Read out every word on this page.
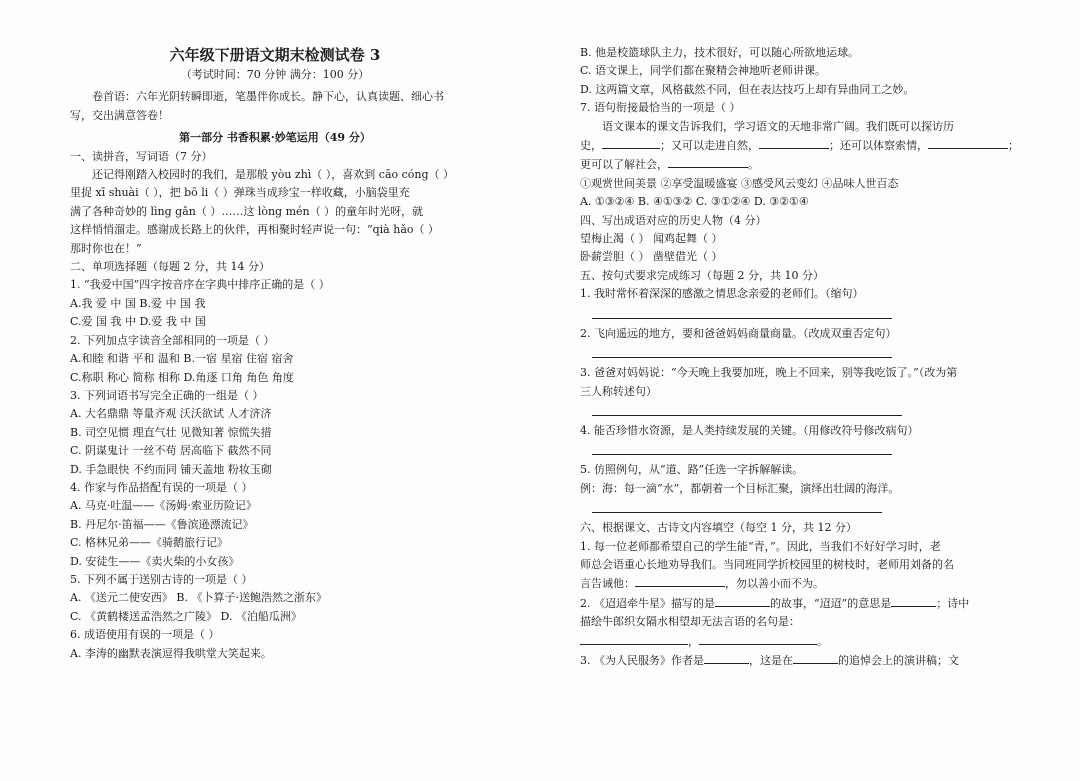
六年级下册语文期末检测试卷 3
（考试时间：70 分钟 满分：100 分）
卷首语：六年光阴转瞬即逝，笔墨伴你成长。静下心，认真读题、细心书
写，交出满意答卷！
第一部分 书香积累·妙笔运用（49 分）
一、读拼音，写词语（7 分）
还记得刚踏入校园时的我们，是那般 yòu zhì（ ），喜欢到 cāo cóng（ ）
里捉 xī shuài（ ），把 bō li（ ）弹珠当成珍宝一样收藏，小脑袋里充
满了各种奇妙的 lìng gǎn（ ）……这 lòng mén（ ）的童年时光呀，就
这样悄悄溜走。感谢成长路上的伙伴，再相聚时轻声说一句：“qià hǎo（ ）
那时你也在！”
二、单项选择题（每题 2 分，共 14 分）
1. “我爱中国”四字按音序在字典中排序正确的是（ ）
A.我 爱 中 国 B.爱 中 国 我
C.爱 国 我 中 D.爱 我 中 国
2. 下列加点字读音全部相同的一项是（ ）
A.和睦 和谐 平和 温和 B.一宿 星宿 住宿 宿舍
C.称职 称心 简称 相称 D.角逐 口角 角色 角度
3. 下列词语书写完全正确的一组是（ ）
A. 大名鼎鼎 等量齐观 沃沃欲试 人才济济
B. 司空见惯 理直气壮 见微知著 惊慌失措
C. 阴谋鬼计 一丝不苟 居高临下 截然不同
D. 手急眼快 不约而同 铺天盖地 粉妆玉砌
4. 作家与作品搭配有误的一项是（ ）
A. 马克·吐温——《汤姆·索亚历险记》
B. 丹尼尔·笛福——《鲁滨逊漂流记》
C. 格林兄弟——《骑鹅旅行记》
D. 安徒生——《卖火柴的小女孩》
5. 下列不属于送别古诗的一项是（ ）
A. 《送元二使安西》 B. 《卜算子·送鲍浩然之浙东》
C. 《黄鹤楼送孟浩然之广陵》 D. 《泊船瓜洲》
6. 成语使用有误的一项是（ ）
A. 李涛的幽默表演逗得我哄堂大笑起来。
B. 他是校篮球队主力，技术很好，可以随心所欲地运球。
C. 语文课上，同学们都在聚精会神地听老师讲课。
D. 这两篇文章，风格截然不同，但在表达技巧上却有异曲同工之妙。
7. 语句衔接最恰当的一项是（ ）
语文课本的课文告诉我们，学习语文的天地非常广阔。我们既可以探访历
史，	；又可以走进自然，	；还可以体察索情，	；
更可以了解社会，	。
①观赏世间美景 ②享受温暖盛宴 ③感受风云变幻 ④品味人世百态
A. ①③②④ B. ④①③② C. ③①②④ D. ③②①④
四、写出成语对应的历史人物（4 分）
望梅止渴（ ） 闻鸡起舞（ ）
卧薪尝胆（ ） 凿壁借光（ ）
五、按句式要求完成练习（每题 2 分，共 10 分）
1. 我时常怀着深深的感激之情思念亲爱的老师们。（缩句）
2. 飞向遥远的地方，要和爸爸妈妈商量商量。（改成双重否定句）
3. 爸爸对妈妈说：“今天晚上我要加班，晚上不回来，别等我吃饭了。”（改为第
三人称转述句）
4. 能否珍惜水资源，是人类持续发展的关键。（用修改符号修改病句）
5. 仿照例句，从“道、路”任选一字拆解解读。
例：海：每一滴“水”，都朝着一个目标汇聚，演绎出壮阔的海洋。
六、根据课文、古诗文内容填空（每空 1 分，共 12 分）
1. 每一位老师都希望自己的学生能“青，”。因此，当我们不好好学习时，老
师总会语重心长地劝导我们。当同班同学折校园里的树枝时，老师用刘备的名
言告诫他：	，勿以善小而不为。
2. 《迢迢牵牛星》描写的是	的故事，“迢迢”的意思是	；诗中
描绘牛郎织女隔水相望却无法言语的名句是：
，	。
3. 《为人民服务》作者是	，这是在	的追悼会上的演讲稿；文
